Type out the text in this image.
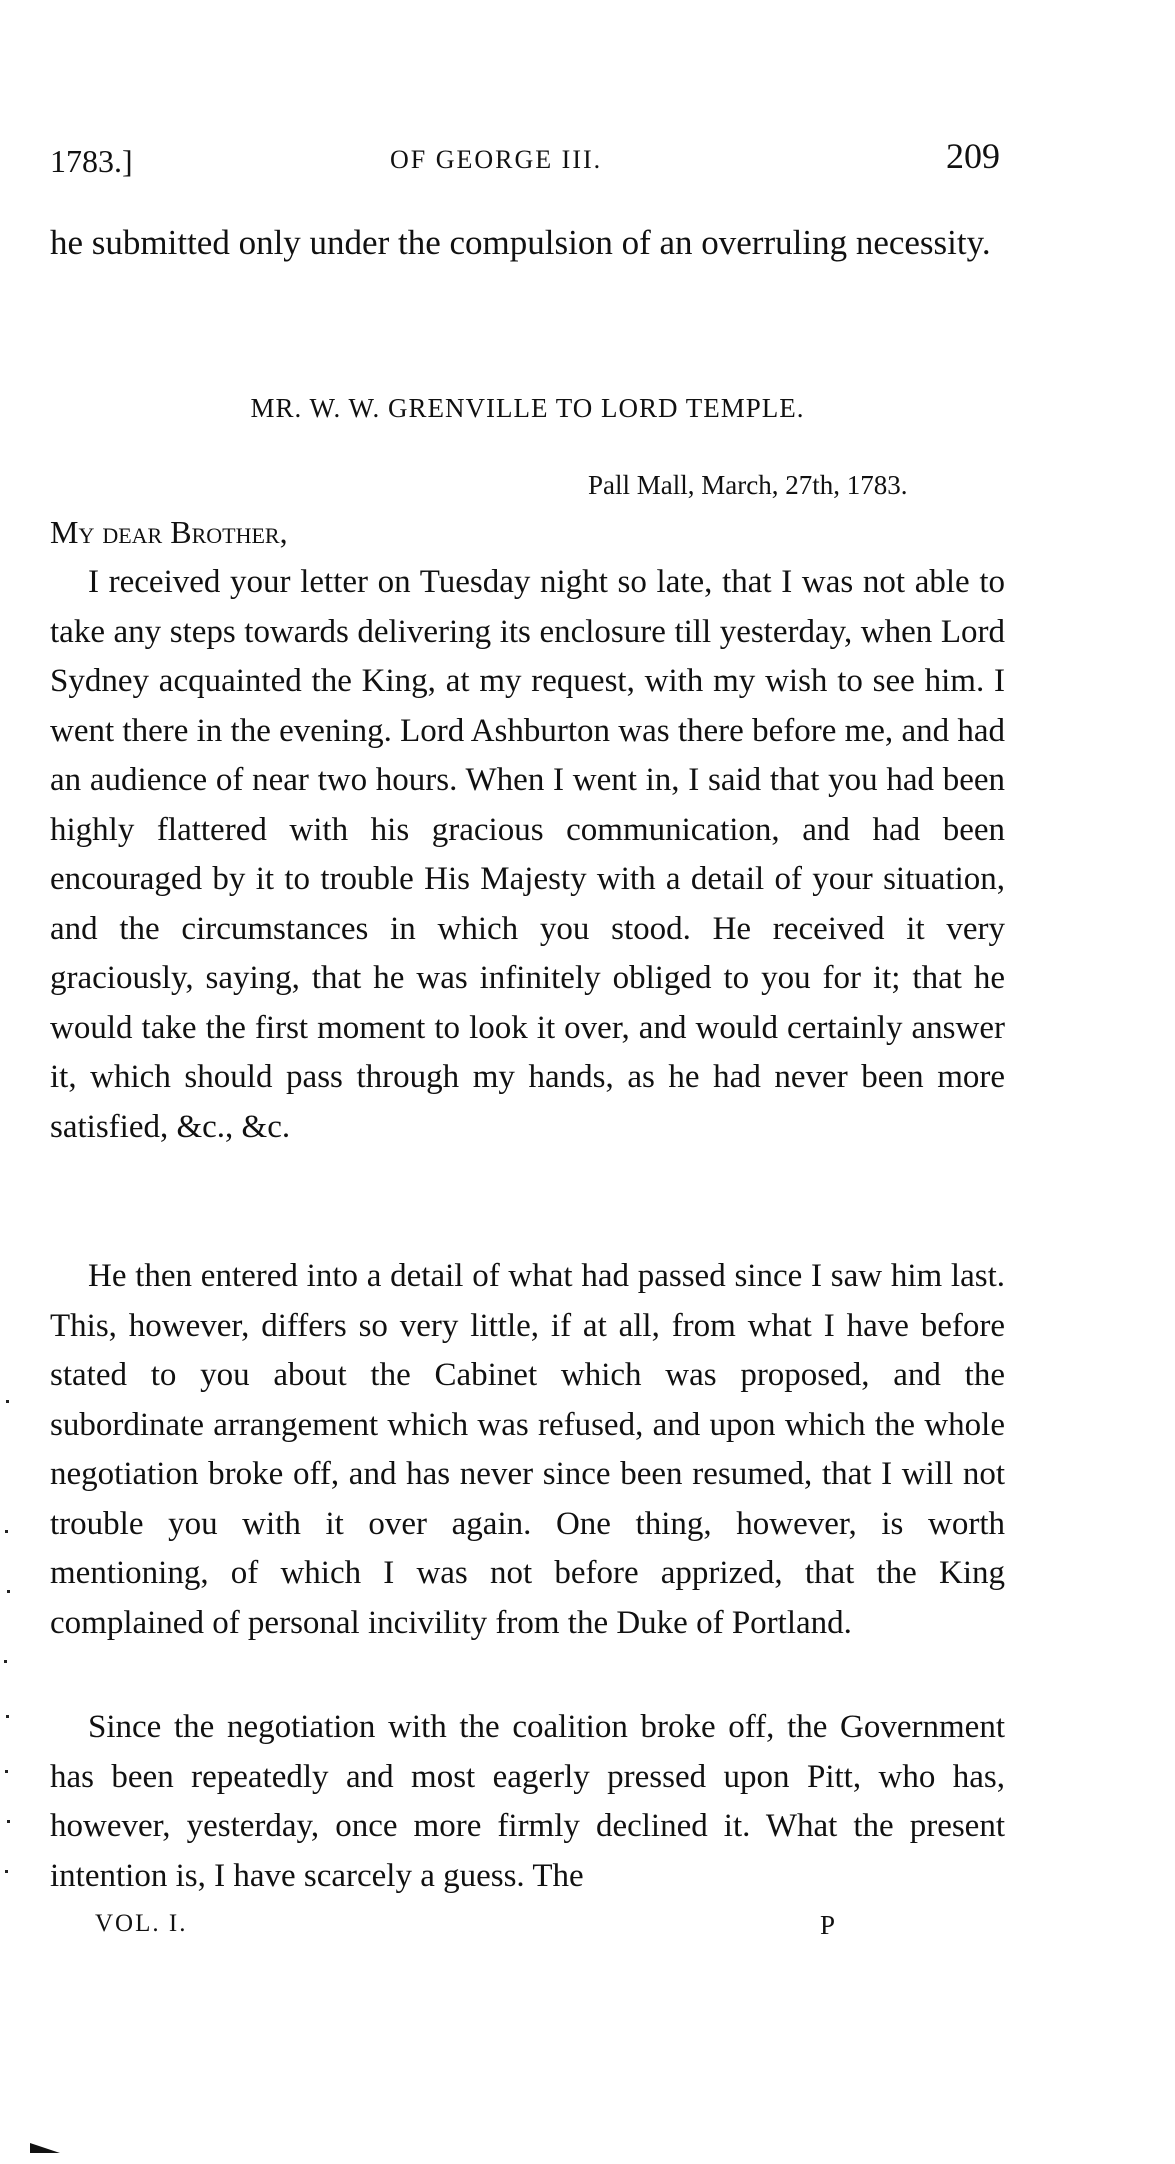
1783.]	OF GEORGE III.	209

he submitted only under the compulsion of an overruling necessity.

MR. W. W. GRENVILLE TO LORD TEMPLE.
Pall Mall, March, 27th, 1783.
My dear Brother,

I received your letter on Tuesday night so late, that I was not able to take any steps towards delivering its enclosure till yesterday, when Lord Sydney acquainted the King, at my request, with my wish to see him. I went there in the evening. Lord Ashburton was there before me, and had an audience of near two hours. When I went in, I said that you had been highly flattered with his gracious communication, and had been encouraged by it to trouble His Majesty with a detail of your situation, and the circumstances in which you stood. He received it very graciously, saying, that he was infinitely obliged to you for it; that he would take the first moment to look it over, and would certainly answer it, which should pass through my hands, as he had never been more satisfied, &c., &c.

He then entered into a detail of what had passed since I saw him last. This, however, differs so very little, if at all, from what I have before stated to you about the Cabinet which was proposed, and the subordinate arrangement which was refused, and upon which the whole negotiation broke off, and has never since been resumed, that I will not trouble you with it over again. One thing, however, is worth mentioning, of which I was not before apprized, that the King complained of personal incivility from the Duke of Portland.

Since the negotiation with the coalition broke off, the Government has been repeatedly and most eagerly pressed upon Pitt, who has, however, yesterday, once more firmly declined it. What the present intention is, I have scarcely a guess. The

VOL. I.	P
